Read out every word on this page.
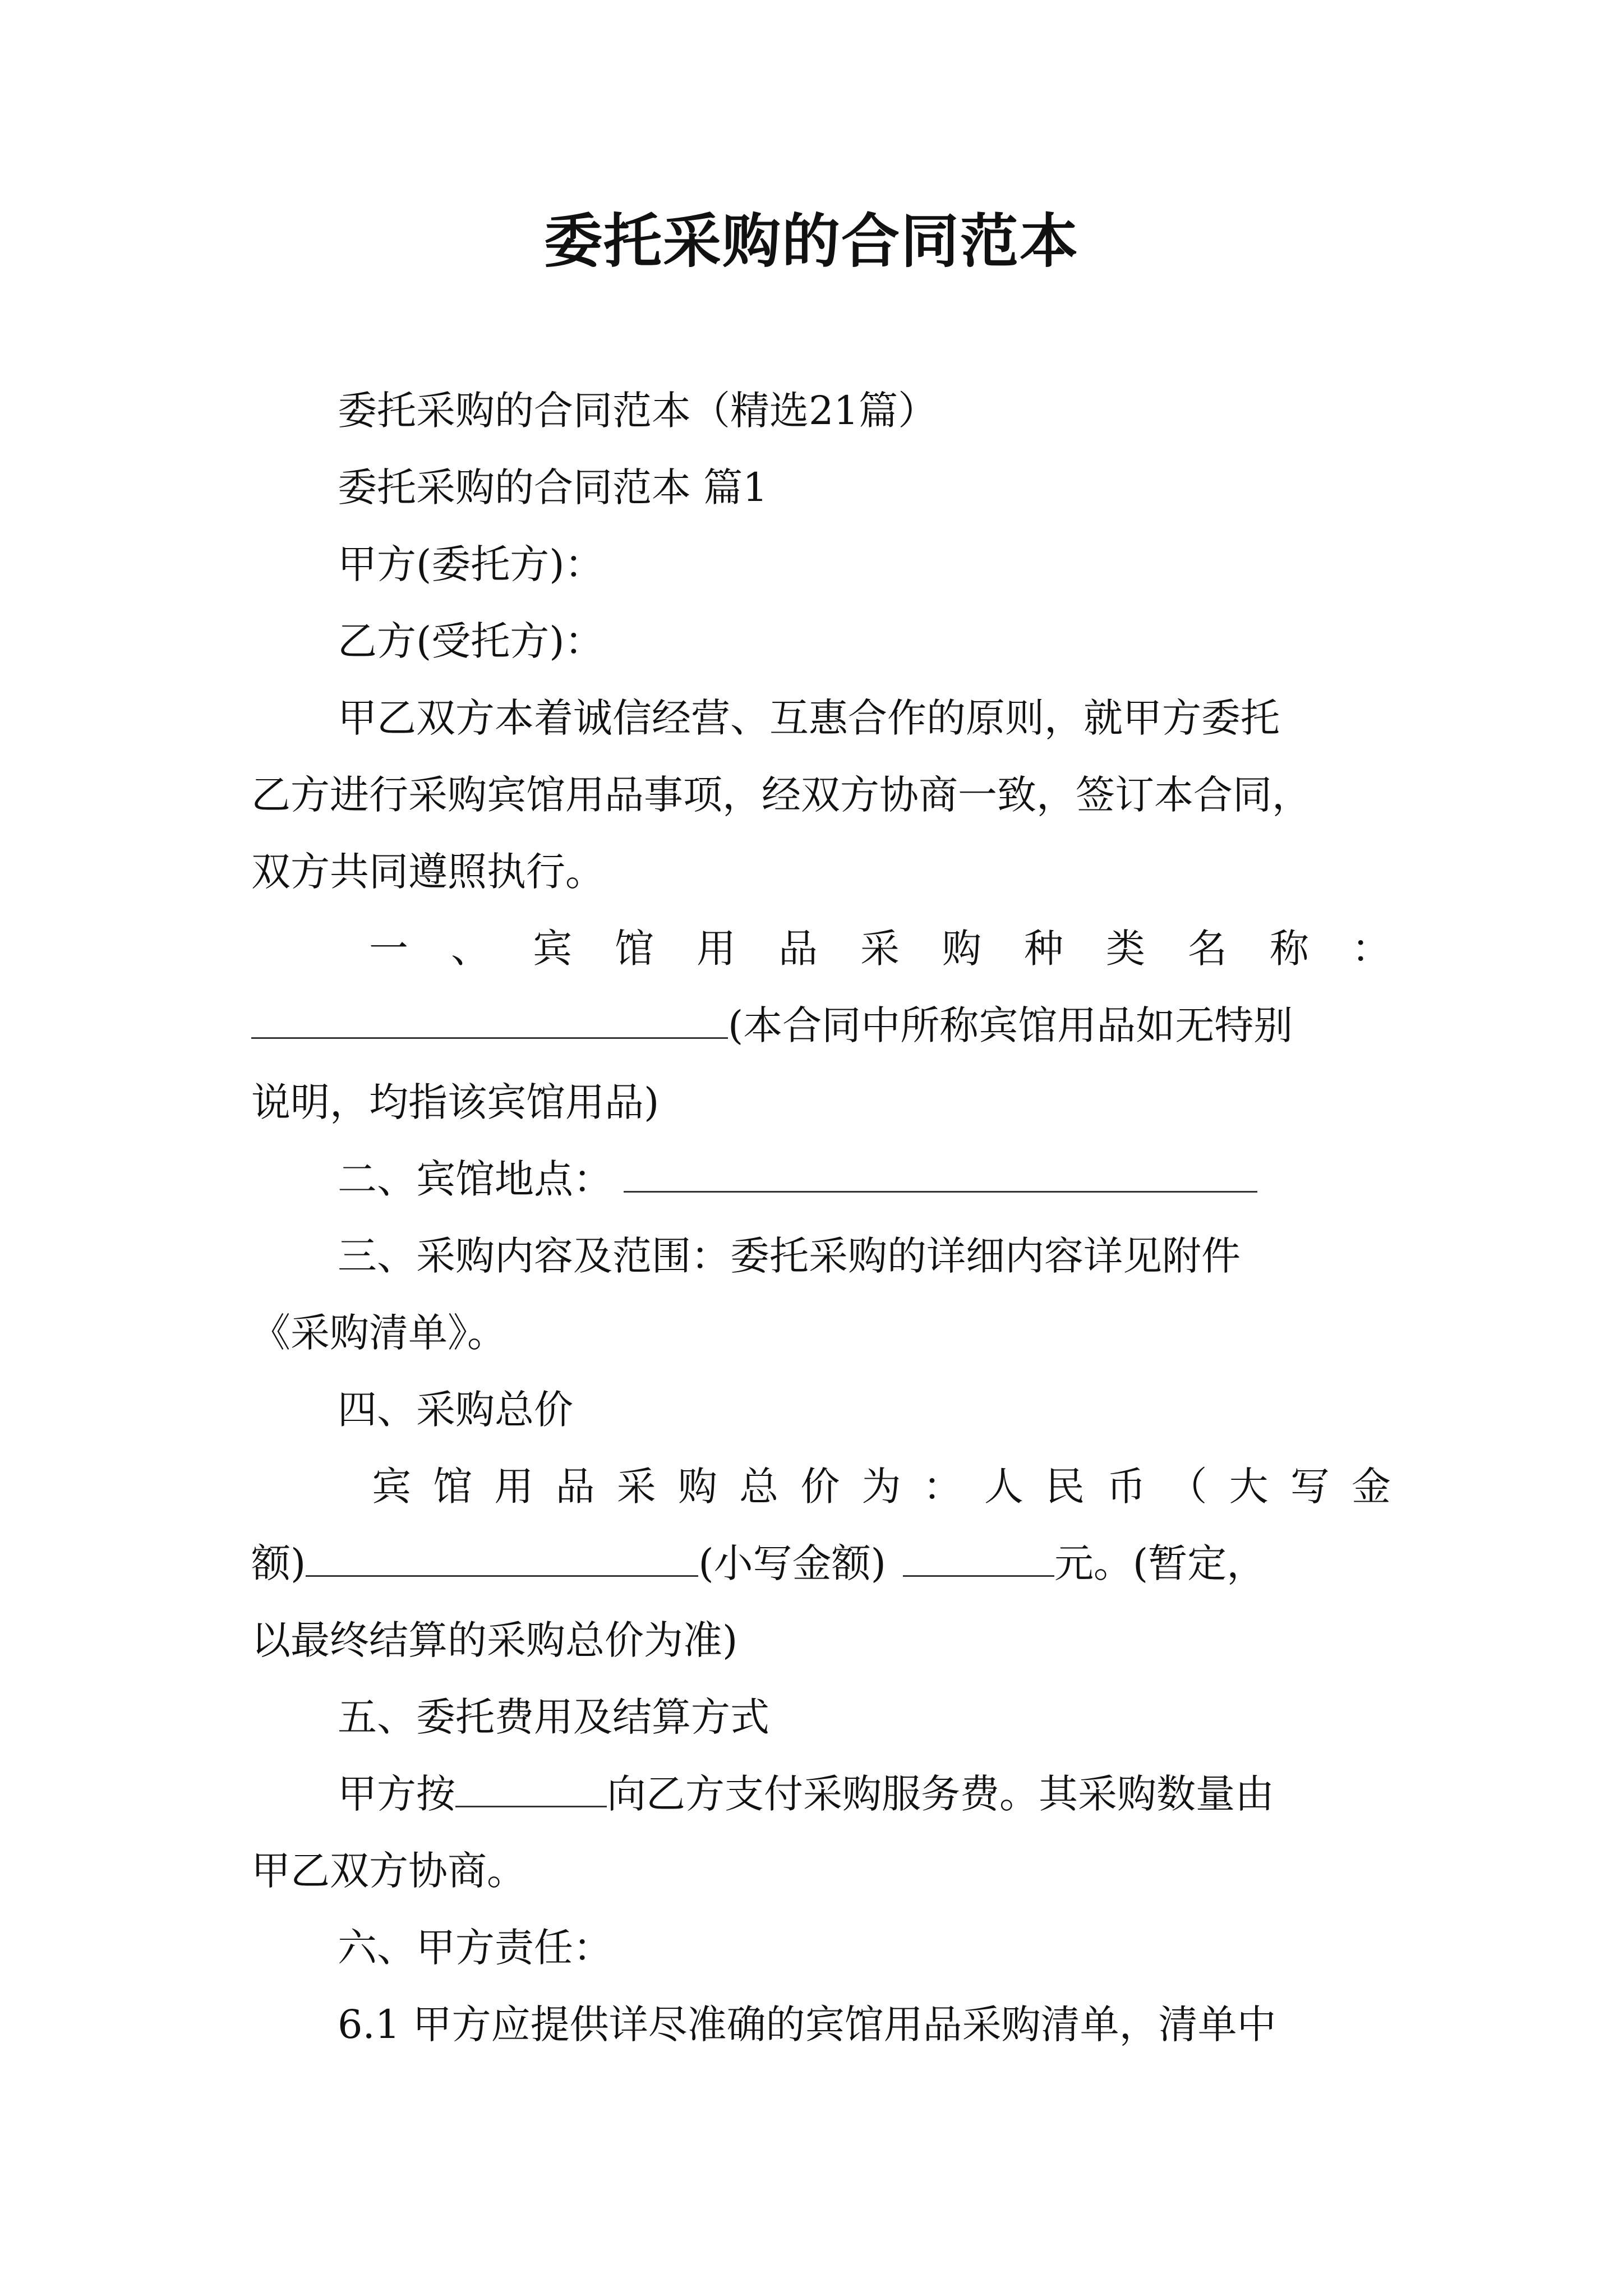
委托采购的合同范本
委托采购的合同范本（精选21篇）
委托采购的合同范本 篇1
甲方(委托方)：
乙方(受托方)：
甲乙双方本着诚信经营、互惠合作的原则，就甲方委托
乙方进行采购宾馆用品事项，经双方协商一致，签订本合同，
双方共同遵照执行。
一 、 宾 馆 用 品 采 购 种 类 名 称 ：
(本合同中所称宾馆用品如无特别
说明，均指该宾馆用品)
二、宾馆地点：
三、采购内容及范围：委托采购的详细内容详见附件
《采购清单》。
四、采购总价
宾 馆 用 品 采 购 总 价 为 ： 人 民 币 （ 大 写 金
额)	(小写金额)	元。(暂定，
以最终结算的采购总价为准)
五、委托费用及结算方式
甲方按	向乙方支付采购服务费。其采购数量由
甲乙双方协商。
六、甲方责任：
6.1 甲方应提供详尽准确的宾馆用品采购清单，清单中
